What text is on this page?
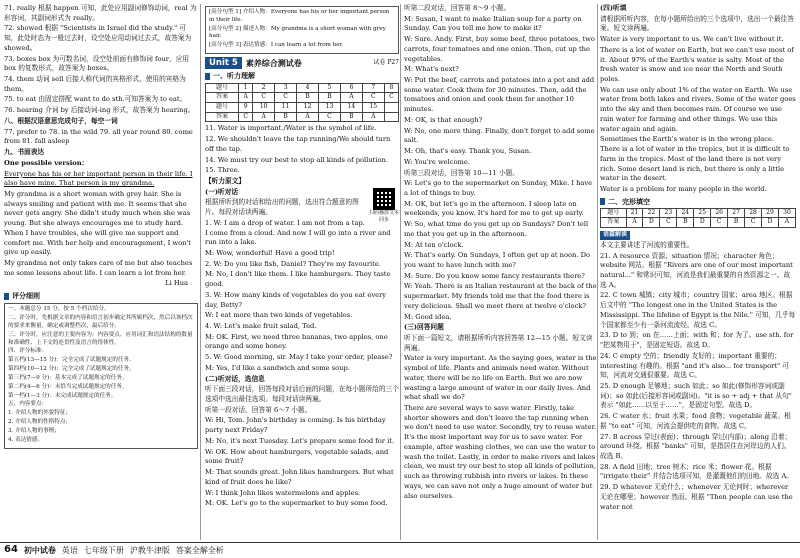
71. really 根据 happen 可知，此处应用副词修饰动词，real 为形容词，其副词形式为 really。

72. showed 根据 "Scientists in Israel did the study." 可知，此处时态为一般过去时，设空处应用动词过去式，故答案为 showed。

73. boxes box 为可数名词，设空处前面有修饰词 four，应用 box 的复数形式，故答案为 boxes。

74. them 动词 sell 后接人称代词的宾格形式，使用的宾格为 them。

75. to eat 由固定搭配 want to do sth.可知答案为 to eat。

76. hearing 介词 by 后接动词-ing 形式，故答案为 hearing。

八、根据汉语意思完成句子，每空一词

77. prefer to 78. in the wild 79. all year round 80. come from 81. fall asleep

九、书面表达

One possible version：

Everyone has his or her important person in their life. I also have mine. That person is my grandma.

My grandma is a short woman with grey hair. She is always smiling and patient with me. It seems that she never gets angry. She didn't study much when she was young. But she always encourages me to study hard. When I have troubles, she will give me support and comfort me. With her help and encouragement, I won't give up easily.

My grandma not only takes care of me but also teaches me some lessons about life. I can learn a lot from her.

Li Hua

评分细则

一、本题总分 15 分，按 5 个档次给分。

二、评分时，先根据文章的内容和语言初步确定其所属档次，然后以该档次的要求来衡量，确定或调整档次，最后给分。

三、评分时，应注意的主要内容为：内容要点、应用词汇和语法结构的数量和准确性、上下文的连贯性及语言的得体性。

四、评分标准：

第五档(13—15 分)：完全完成了试题规定的任务。

第四档(10—12 分)：完全完成了试题规定的任务。

第三档(7—9 分)：基本完成了试题规定的任务。

第二档(4—6 分)：未恰当完成试题规定的任务。

第一档(1—3 分)：未完成试题规定的任务。

五、内容要点：

1. 介绍人物的外貌特征；

2. 介绍人物的性格特点；

3. 介绍人物的事例；

4. 表达情感。

[高分句型 1] 介绍人物：Everyone has his or her important person in their life.

[高分句型 2] 描述人物：My grandma is a short woman with grey hair.

[高分句型 3] 表达情感：I can learn a lot from her.

Unit 5	素养综合测试卷	试卷 P27
一、听力理解
题号	1	2	3	4	5	6	7	8
答案	A	C	C	B	B	A	C	C
题号	9	10	11	12	13	14	15	
答案	C	A	B	A	C	B	A	

11. Water is important./Water is the symbol of life.

12. We shouldn't leave the tap running/We should turn off the tap.

14. We must try our best to stop all kinds of pollution.

15. Three.

【听力原文】

扫码播放文本同步

(一)听对话

根据所听到的对话和给出的问题，选出符合题意的图片。每段对话读两遍。

1. W: I am a drop of water. I am not from a tap. I come from a cloud. And now I will go into a river and run into a lake.

M: Wow, wonderful! Have a good trip!

2. W: Do you like fish, Daniel? They're my favourite.

M: No, I don't like them. I like hamburgers. They taste good.

3. W: How many kinds of vegetables do you eat every day, Betty?

W: I eat more than two kinds of vegetables.

4. W: Let's make fruit salad, Ted.

M: OK. First, we need three bananas, two apples, one orange and some honey.

5. W: Good morning, sir. May I take your order, please?

M: Yes, I'd like a sandwich and some soup.

(二)听对话，选信息

听下面三段对话，回答每段对话后面的问题，在每小题所给的三个选项中选出最佳选项。每段对话读两遍。

听第一段对话，回答第 6～7 小题。

W: Hi, Tom. John's birthday is coming. Is his birthday party next Friday?

M: No, it's next Tuesday. Let's prepare some food for it.

W: OK. How about hamburgers, vegetable salads, and some fruit?

M: That sounds great. John likes hamburgers. But what kind of fruit does he like?

W: I think John likes watermelons and apples.

M: OK. Let's go to the supermarket to buy some food.

听第二段对话，回答第 8～9 小题。

M: Susan, I want to make Italian soup for a party on Sunday. Can you tell me how to make it?

W: Sure. Andy. First, buy some beef, three potatoes, two carrots, four tomatoes and one onion. Then, cut up the vegetables.

M: What's next?

W: Put the beef, carrots and potatoes into a pot and add some water. Cook them for 30 minutes. Then, add the tomatoes and onion and cook them for another 10 minutes.

M: OK, is that enough?

W: No, one more thing. Finally, don't forget to add some salt.

M: Oh, that's easy. Thank you, Susan.

W: You're welcome.

听第三段对话，回答第 10—11 小题。

W: Let's go to the supermarket on Sunday, Mike. I have a lot of things to buy.

M: OK, but let's go in the afternoon. I sleep late on weekends, you know. It's hard for me to get up early.

W: So, what time do you get up on Sundays? Don't tell me that you get up in the afternoon.

M: At ten o'clock.

W: That's early. On Sundays, I often get up at noon. Do you want to have lunch with me?

M: Sure. Do you know some fancy restaurants there?

W: Yeah. There is an Italian restaurant at the back of the supermarket. My friends told me that the food there is very delicious. Shall we meet there at twelve o'clock?

M: Good idea.

(三)回答问题

听下面一篇短文，请根据所听内容回答第 12—15 小题。短文读两遍。

Water is very important. As the saying goes, water is the symbol of life. Plants and animals need water. Without water, there will be no life on Earth. But we are now wasting a large amount of water in our daily lives. And what shall we do?

There are several ways to save water. Firstly, take shorter showers and don't leave the tap running when we don't need to use water. Secondly, try to reuse water. It's the most important way for us to save water. For example, after washing clothes, we can use the water to wash the toilet. Lastly, in order to make rivers and lakes clean, we must try our best to stop all kinds of pollution, such as throwing rubbish into rivers or lakes. In these ways, we can save not only a huge amount of water but also ourselves.

(四)听填

请根据所听内容，在每小题所给出的三个选项中，选出一个最佳答案。短文读两遍。

Water is very important to us. We can't live without it.

There is a lot of water on Earth, but we can't use most of it. About 97% of the Earth's water is salty. Most of the fresh water is snow and ice near the North and South poles.

We can use only about 1% of the water on Earth. We use water from both lakes and rivers. Some of the water goes into the sky and then becomes rain. Of course we use rain water for farming and other things. We use this water again and again.

Sometimes the Earth's water is in the wrong place. There is a lot of water in the tropics, but it is difficult to farm in the tropics. Most of the land there is not very rich. Some desert land is rich, but there is only a little water in the desert.

Water is a problem for many people in the world.

二、完形填空
题号	21	22	23	24	25	26	27	28	29	30
答案	A	D	C	B	D	C	B	C	D	A

语篇解读

本文主要讲述了河流的重要性。

21. A resource 资源；situation 情况；character 角色；website 网站。根据 "Rivers are one of our most important natural..." 和常识可知，河流是我们最重要的自然资源之一。故选 A。

22. C town 城镇；city 城市；country 国家；area 地区。根据后文中的 "The longest one in the United States is the Mississippi. The lifeline of Egypt is the Nile." 可知，几乎每个国家都至少有一条河流流经。故选 C。

23. D to 到；on 在……上面；with 和；for 为了。use sth. for "把某物用于"，是固定短语。故选 D。

24. C empty 空的；friendly 友好的；important 重要的；interesting 有趣的。根据 "and it's also... for transport" 可知，河流对交通很重要。故选 C。

25. D enough 足够地；such 如此；so 如此(修饰形容词或副词)；so 如此(后接形容词或副词)。"it is so + adj + that 从句" 表示 "如此……以至于……"，是固定句型。故选 D。

26. C water 水；fruit 水果；food 食物；vegetable 蔬菜。根据 "to eat" 可知，河流会提供吃的食物。故选 C。

27. B across 穿过(表面)；through 穿过(内部)；along 沿着；around 环绕。根据 "banks" 可知，是指居住在河岸边的人们。故选 B。

28. A field 田地；tree 树木；rice 米；flower 花。根据 "irrigate their" 并结合选项可知，是灌溉他们的田地。故选 A。

29. D whatever 无论什么；whenever 无论何时；wherever 无论在哪里；however 然而。根据 "Then people can use the water not

64 初中试卷 英语 七年级下册 沪教牛津版 答案全解全析
